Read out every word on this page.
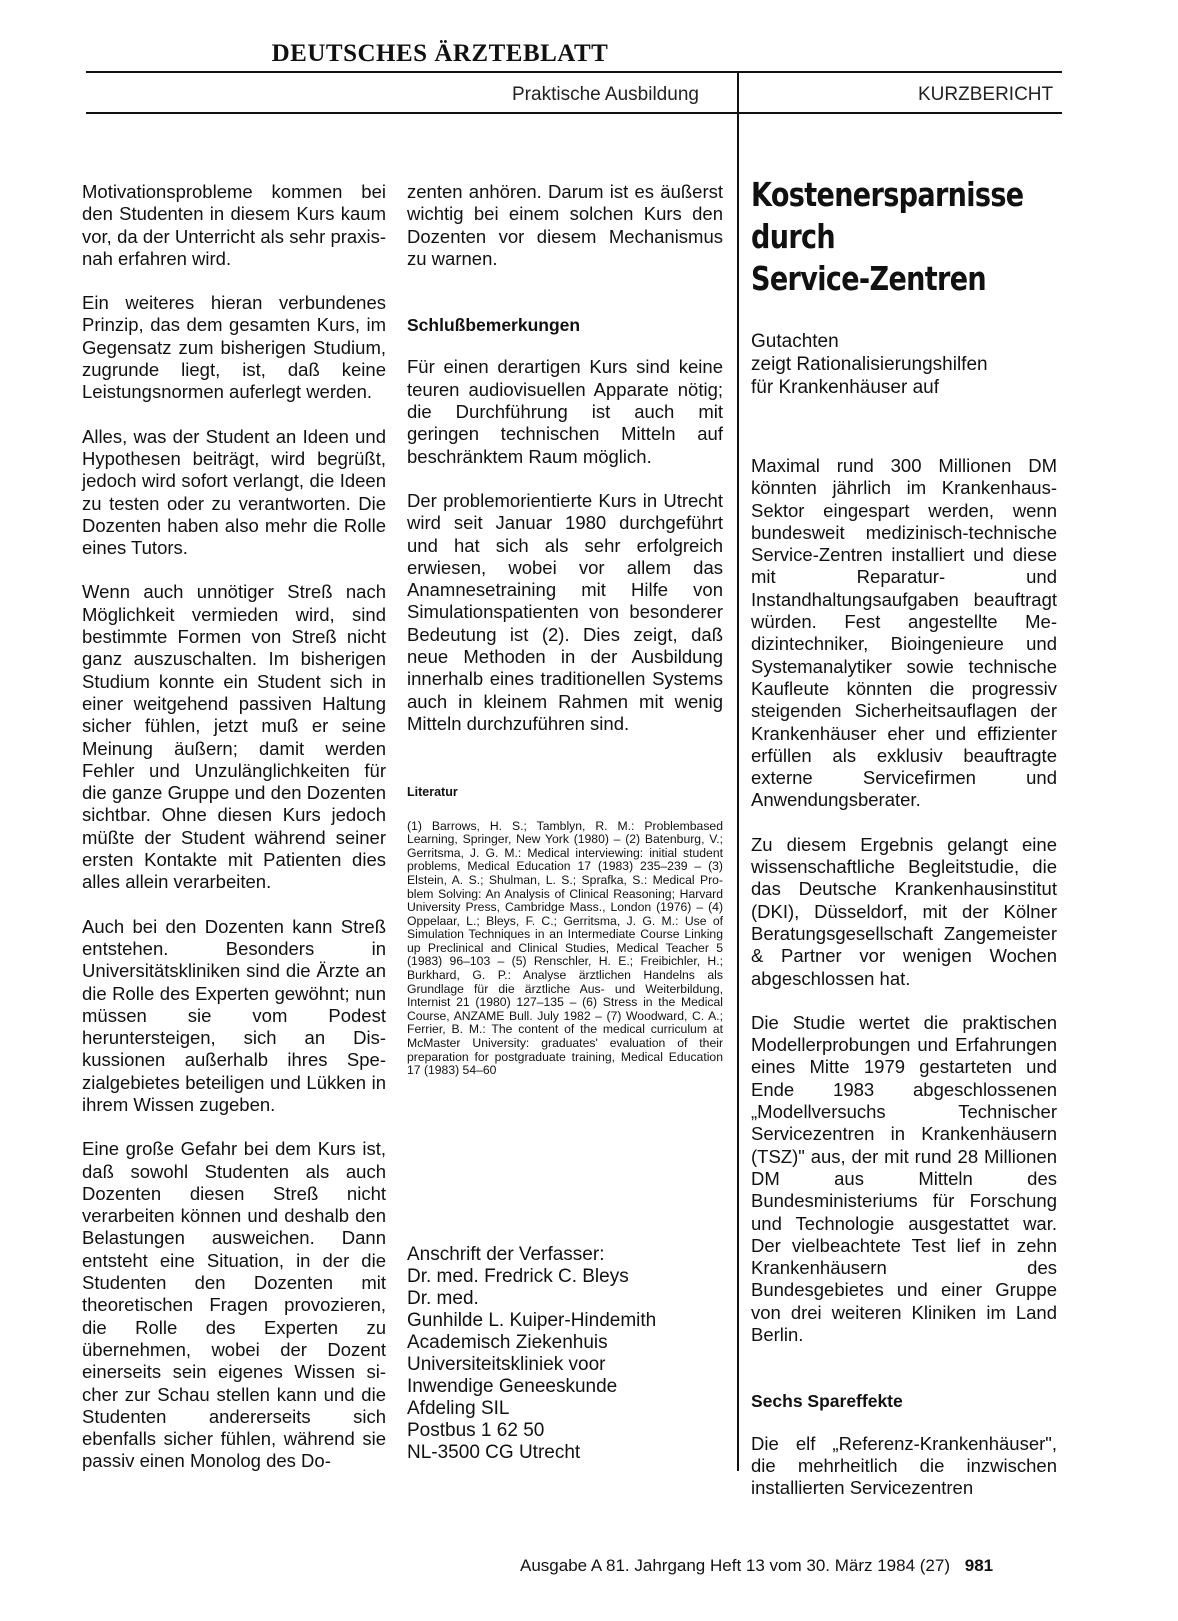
DEUTSCHES ÄRZTEBLATT
Praktische Ausbildung	KURZBERICHT

Motivationsprobleme kommen bei den Studenten in diesem Kurs kaum vor, da der Unterricht als sehr praxis-nah erfahren wird.

Ein weiteres hieran verbundenes Prinzip, das dem gesamten Kurs, im Gegensatz zum bisherigen Studium, zugrunde liegt, ist, daß keine Leistungsnormen auferlegt werden.

Alles, was der Student an Ideen und Hypothesen beiträgt, wird begrüßt, jedoch wird sofort verlangt, die Ideen zu testen oder zu verantworten. Die Dozenten haben also mehr die Rolle eines Tutors.

Wenn auch unnötiger Streß nach Möglichkeit vermieden wird, sind bestimmte Formen von Streß nicht ganz auszuschalten. Im bisherigen Studium konnte ein Student sich in einer weitgehend passiven Haltung sicher fühlen, jetzt muß er seine Meinung äußern; damit werden Fehler und Unzulänglichkeiten für die ganze Gruppe und den Dozenten sichtbar. Ohne diesen Kurs jedoch müßte der Student während seiner ersten Kontakte mit Patienten dies alles allein verarbeiten.

Auch bei den Dozenten kann Streß entstehen. Besonders in Universitätskliniken sind die Ärzte an die Rolle des Experten gewöhnt; nun müssen sie vom Podest heruntersteigen, sich an Diskussionen außerhalb ihres Spezialgebietes beteiligen und Lükken in ihrem Wissen zugeben.

Eine große Gefahr bei dem Kurs ist, daß sowohl Studenten als auch Dozenten diesen Streß nicht verarbeiten können und deshalb den Belastungen ausweichen. Dann entsteht eine Situation, in der die Studenten den Dozenten mit theoretischen Fragen provozieren, die Rolle des Experten zu übernehmen, wobei der Dozent einerseits sein eigenes Wissen sicher zur Schau stellen kann und die Studenten andererseits sich ebenfalls sicher fühlen, während sie passiv einen Monolog des Do-

zenten anhören. Darum ist es äußerst wichtig bei einem solchen Kurs den Dozenten vor diesem Mechanismus zu warnen.

Schlußbemerkungen

Für einen derartigen Kurs sind keine teuren audiovisuellen Apparate nötig; die Durchführung ist auch mit geringen technischen Mitteln auf beschränktem Raum möglich.

Der problemorientierte Kurs in Utrecht wird seit Januar 1980 durchgeführt und hat sich als sehr erfolgreich erwiesen, wobei vor allem das Anamnesetraining mit Hilfe von Simulationspatienten von besonderer Bedeutung ist (2). Dies zeigt, daß neue Methoden in der Ausbildung innerhalb eines traditionellen Systems auch in kleinem Rahmen mit wenig Mitteln durchzuführen sind.

Literatur

(1) Barrows, H. S.; Tamblyn, R. M.: Problembased Learning, Springer, New York (1980) – (2) Batenburg, V.; Gerritsma, J. G. M.: Medical interviewing: initial student problems, Medical Education 17 (1983) 235–239 – (3) Elstein, A. S.; Shulman, L. S.; Sprafka, S.: Medical Problem Solving: An Analysis of Clinical Reasoning; Harvard University Press, Cambridge Mass., London (1976) – (4) Oppelaar, L.; Bleys, F. C.; Gerritsma, J. G. M.: Use of Simulation Techniques in an Intermediate Course Linking up Preclinical and Clinical Studies, Medical Teacher 5 (1983) 96–103 – (5) Renschler, H. E.; Freibichler, H.; Burkhard, G. P.: Analyse ärztlichen Handelns als Grundlage für die ärztliche Aus- und Weiterbildung, Internist 21 (1980) 127–135 – (6) Stress in the Medical Course, ANZAME Bull. July 1982 – (7) Woodward, C. A.; Ferrier, B. M.: The content of the medical curriculum at McMaster University: graduates' evaluation of their preparation for postgraduate training, Medical Education 17 (1983) 54–60

Anschrift der Verfasser:
Dr. med. Fredrick C. Bleys
Dr. med.
Gunhilde L. Kuiper-Hindemith
Academisch Ziekenhuis
Universiteitskliniek voor
Inwendige Geneeskunde
Afdeling SIL
Postbus 1 62 50
NL-3500 CG Utrecht
Kostenersparnisse
durch
Service-Zentren
Gutachten
zeigt Rationalisierungshilfen
für Krankenhäuser auf

Maximal rund 300 Millionen DM könnten jährlich im Krankenhaus-Sektor eingespart werden, wenn bundesweit medizinisch-technische Service-Zentren installiert und diese mit Reparatur- und Instandhaltungsaufgaben beauftragt würden. Fest angestellte Medizintechniker, Bioingenieure und Systemanalytiker sowie technische Kaufleute könnten die progressiv steigenden Sicherheitsauflagen der Krankenhäuser eher und effizienter erfüllen als exklusiv beauftragte externe Servicefirmen und Anwendungsberater.

Zu diesem Ergebnis gelangt eine wissenschaftliche Begleitstudie, die das Deutsche Krankenhausinstitut (DKI), Düsseldorf, mit der Kölner Beratungsgesellschaft Zangemeister & Partner vor wenigen Wochen abgeschlossen hat.

Die Studie wertet die praktischen Modellerprobungen und Erfahrungen eines Mitte 1979 gestarteten und Ende 1983 abgeschlossenen „Modellversuchs Technischer Servicezentren in Krankenhäusern (TSZ)" aus, der mit rund 28 Millionen DM aus Mitteln des Bundesministeriums für Forschung und Technologie ausgestattet war. Der vielbeachtete Test lief in zehn Krankenhäusern des Bundesgebietes und einer Gruppe von drei weiteren Kliniken im Land Berlin.

Sechs Spareffekte

Die elf „Referenz-Krankenhäuser", die mehrheitlich die inzwischen installierten Servicezentren

Ausgabe A 81. Jahrgang Heft 13 vom 30. März 1984 (27) 981
